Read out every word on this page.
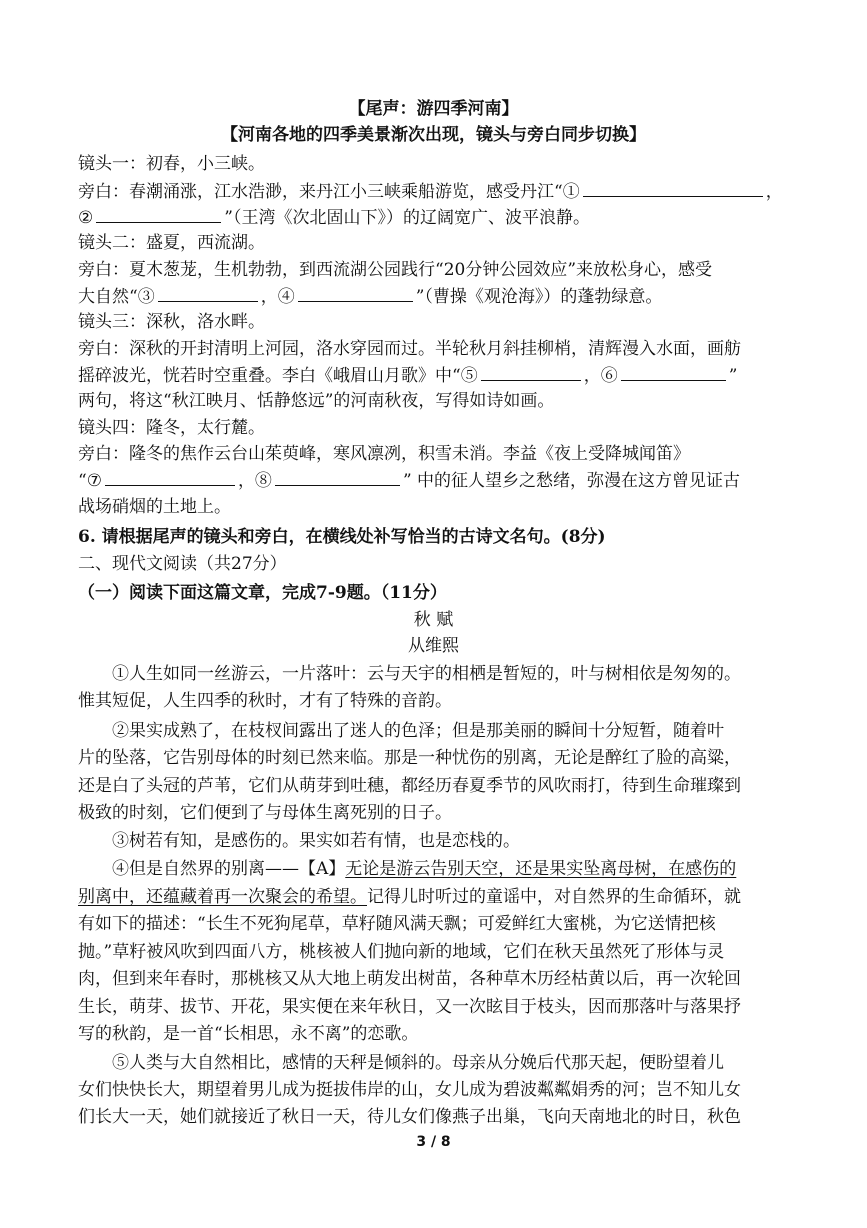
【尾声：游四季河南】
【河南各地的四季美景渐次出现，镜头与旁白同步切换】
镜头一：初春，小三峡。
旁白：春潮涌涨，江水浩渺，来丹江小三峡乘船游览，感受丹江“①	，
②	”（王湾《次北固山下》）的辽阔宽广、波平浪静。
镜头二：盛夏，西流湖。
旁白：夏木葱茏，生机勃勃，到西流湖公园践行“20分钟公园效应”来放松身心，感受
大自然“③	，④	”（曹操《观沧海》）的蓬勃绿意。
镜头三：深秋，洛水畔。
旁白：深秋的开封清明上河园，洛水穿园而过。半轮秋月斜挂柳梢，清辉漫入水面，画舫
摇碎波光，恍若时空重叠。李白《峨眉山月歌》中“⑤	，⑥	”
两句，将这“秋江映月、恬静悠远”的河南秋夜，写得如诗如画。
镜头四：隆冬，太行麓。
旁白：隆冬的焦作云台山茱萸峰，寒风凛冽，积雪未消。李益《夜上受降城闻笛》
“⑦	，⑧	” 中的征人望乡之愁绪，弥漫在这方曾见证古
战场硝烟的土地上。
6. 请根据尾声的镜头和旁白，在横线处补写恰当的古诗文名句。(8分)
二、现代文阅读（共27分）
（一）阅读下面这篇文章，完成7-9题。（11分）
秋 赋
从维熙
①人生如同一丝游云，一片落叶：云与天宇的相栖是暂短的，叶与树相依是匆匆的。
惟其短促，人生四季的秋时，才有了特殊的音韵。
②果实成熟了，在枝杈间露出了迷人的色泽；但是那美丽的瞬间十分短暂，随着叶
片的坠落，它告别母体的时刻已然来临。那是一种忧伤的别离，无论是醉红了脸的高粱，
还是白了头冠的芦苇，它们从萌芽到吐穗，都经历春夏季节的风吹雨打，待到生命璀璨到
极致的时刻，它们便到了与母体生离死别的日子。
③树若有知，是感伤的。果实如若有情，也是恋栈的。
④但是自然界的别离——【A】无论是游云告别天空，还是果实坠离母树，在感伤的
别离中，还蕴藏着再一次聚会的希望。记得儿时听过的童谣中，对自然界的生命循环，就
有如下的描述：“长生不死狗尾草，草籽随风满天飘；可爱鲜红大蜜桃，为它送情把核
抛。”草籽被风吹到四面八方，桃核被人们抛向新的地域，它们在秋天虽然死了形体与灵
肉，但到来年春时，那桃核又从大地上萌发出树苗，各种草木历经枯黄以后，再一次轮回
生长，萌芽、拔节、开花，果实便在来年秋日，又一次眩目于枝头，因而那落叶与落果抒
写的秋韵，是一首“长相思，永不离”的恋歌。
⑤人类与大自然相比，感情的天秤是倾斜的。母亲从分娩后代那天起，便盼望着儿
女们快快长大，期望着男儿成为挺拔伟岸的山，女儿成为碧波粼粼娟秀的河；岂不知儿女
们长大一天，她们就接近了秋日一天，待儿女们像燕子出巢，飞向天南地北的时日，秋色
3 / 8
